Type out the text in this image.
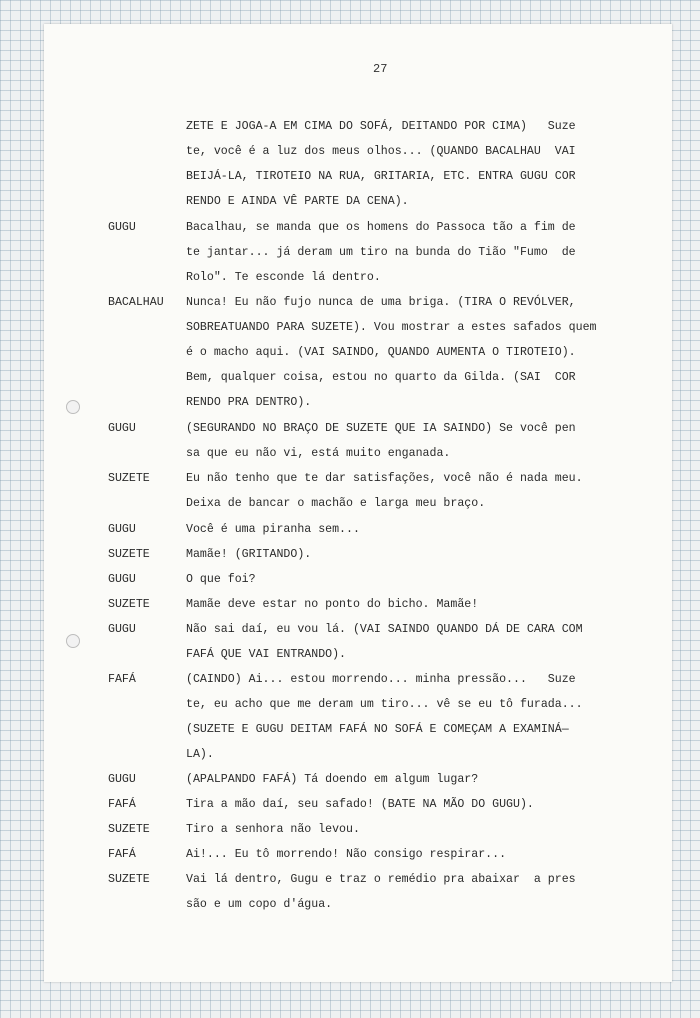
27
ZETE E JOGA-A EM CIMA DO SOFÁ, DEITANDO POR CIMA)   Suze
te, você é a luz dos meus olhos... (QUANDO BACALHAU  VAI
BEIJÁ-LA, TIROTEIO NA RUA, GRITARIA, ETC. ENTRA GUGU COR
RENDO E AINDA VÊ PARTE DA CENA).
GUGU	Bacalhau, se manda que os homens do Passoca tão a fim de
te jantar... já deram um tiro na bunda do Tião "Fumo  de
Rolo". Te esconde lá dentro.
BACALHAU Nunca! Eu não fujo nunca de uma briga. (TIRA O REVÓLVER,
SOBREATUANDO PARA SUZETE). Vou mostrar a estes safados quem
é o macho aqui. (VAI SAINDO, QUANDO AUMENTA O TIROTEIO).
Bem, qualquer coisa, estou no quarto da Gilda. (SAI  COR
RENDO PRA DENTRO).
GUGU	(SEGURANDO NO BRAÇO DE SUZETE QUE IA SAINDO) Se você pen
sa que eu não vi, está muito enganada.
SUZETE	Eu não tenho que te dar satisfações, você não é nada meu.
Deixa de bancar o machão e larga meu braço.
GUGU	Você é uma piranha sem...
SUZETE	Mamãe! (GRITANDO).
GUGU	O que foi?
SUZETE	Mamãe deve estar no ponto do bicho. Mamãe!
GUGU	Não sai daí, eu vou lá. (VAI SAINDO QUANDO DÁ DE CARA COM
FAFÁ QUE VAI ENTRANDO).
FAFÁ	(CAINDO) Ai... estou morrendo... minha pressão...   Suze
te, eu acho que me deram um tiro... vê se eu tô furada...
(SUZETE E GUGU DEITAM FAFÁ NO SOFÁ E COMEÇAM A EXAMINÁ—
LA).
GUGU	(APALPANDO FAFÁ) Tá doendo em algum lugar?
FAFÁ	Tira a mão daí, seu safado! (BATE NA MÃO DO GUGU).
SUZETE	Tiro a senhora não levou.
FAFÁ	Ai!... Eu tô morrendo! Não consigo respirar...
SUZETE	Vai lá dentro, Gugu e traz o remédio pra abaixar  a pres
são e um copo d'água.
